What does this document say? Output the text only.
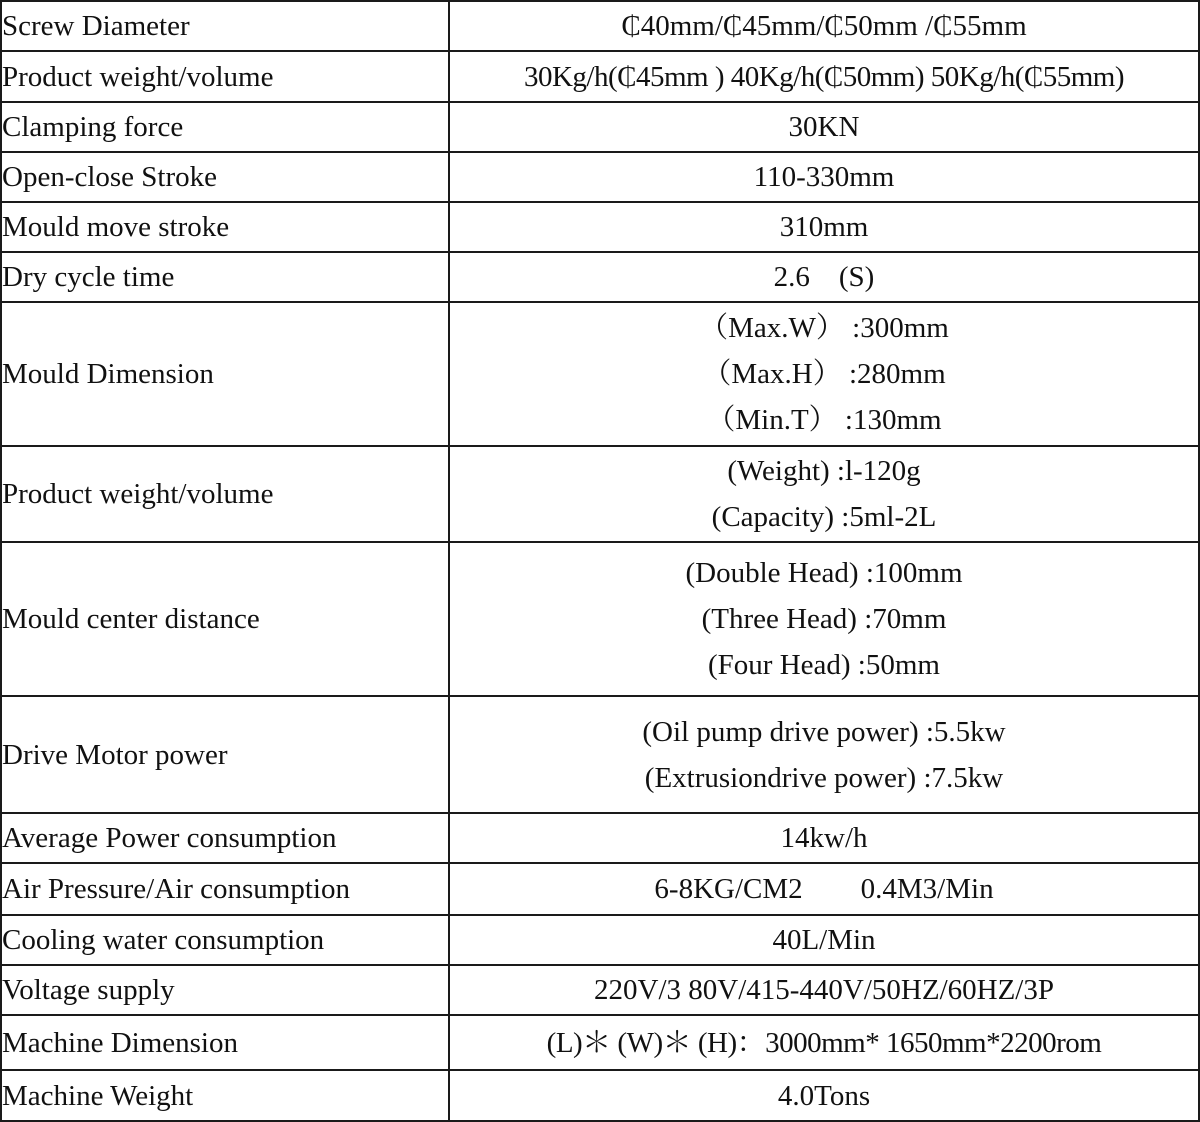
Screw Diameter	₵40mm/₵45mm/₵50mm /₵55mm

Product weight/volume	30Kg/h(₵45mm ) 40Kg/h(₵50mm) 50Kg/h(₵55mm)

Clamping force	30KN

Open-close Stroke	110-330mm

Mould move stroke	310mm

Dry cycle time	2.6　(S)

Mould Dimension	（Max.W） :300mm
（Max.H） :280mm
（Min.T） :130mm

Product weight/volume	(Weight) :l-120g
(Capacity) :5ml-2L

Mould center distance	(Double Head) :100mm
(Three Head) :70mm
(Four Head) :50mm

Drive Motor power	(Oil pump drive power) :5.5kw
(Extrusiondrive power) :7.5kw

Average Power consumption	14kw/h

Air Pressure/Air consumption	6-8KG/CM2　　0.4M3/Min

Cooling water consumption	40L/Min

Voltage supply	220V/3 80V/415-440V/50HZ/60HZ/3P

Machine Dimension	(L)＊ (W)＊ (H)：3000mm* 1650mm*2200rom

Machine Weight	4.0Tons
